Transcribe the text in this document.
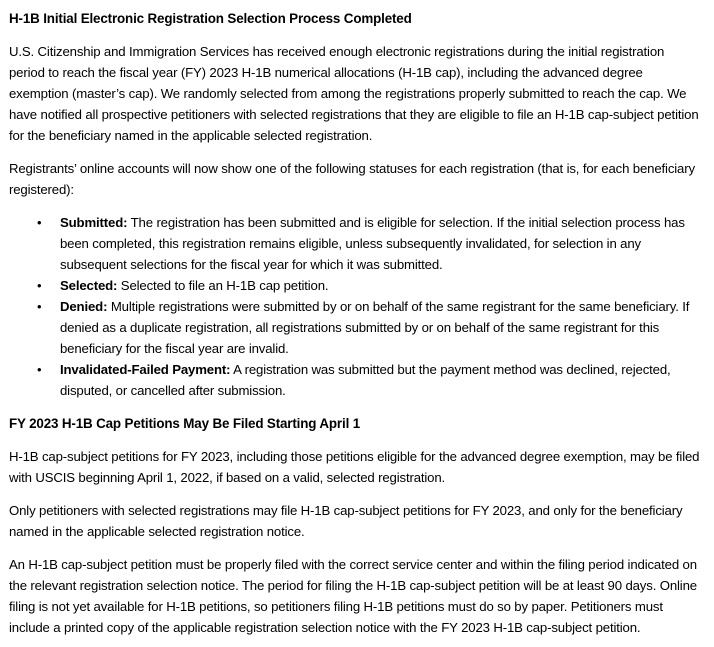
H-1B Initial Electronic Registration Selection Process Completed

U.S. Citizenship and Immigration Services has received enough electronic registrations during the initial registration period to reach the fiscal year (FY) 2023 H-1B numerical allocations (H-1B cap), including the advanced degree exemption (master’s cap). We randomly selected from among the registrations properly submitted to reach the cap. We have notified all prospective petitioners with selected registrations that they are eligible to file an H-1B cap-subject petition for the beneficiary named in the applicable selected registration.

Registrants’ online accounts will now show one of the following statuses for each registration (that is, for each beneficiary registered):

• Submitted: The registration has been submitted and is eligible for selection. If the initial selection process has been completed, this registration remains eligible, unless subsequently invalidated, for selection in any subsequent selections for the fiscal year for which it was submitted.
• Selected: Selected to file an H-1B cap petition.
• Denied: Multiple registrations were submitted by or on behalf of the same registrant for the same beneficiary. If denied as a duplicate registration, all registrations submitted by or on behalf of the same registrant for this beneficiary for the fiscal year are invalid.
• Invalidated-Failed Payment: A registration was submitted but the payment method was declined, rejected, disputed, or cancelled after submission.
FY 2023 H-1B Cap Petitions May Be Filed Starting April 1

H-1B cap-subject petitions for FY 2023, including those petitions eligible for the advanced degree exemption, may be filed with USCIS beginning April 1, 2022, if based on a valid, selected registration.

Only petitioners with selected registrations may file H-1B cap-subject petitions for FY 2023, and only for the beneficiary named in the applicable selected registration notice.

An H-1B cap-subject petition must be properly filed with the correct service center and within the filing period indicated on the relevant registration selection notice. The period for filing the H-1B cap-subject petition will be at least 90 days. Online filing is not yet available for H-1B petitions, so petitioners filing H-1B petitions must do so by paper. Petitioners must include a printed copy of the applicable registration selection notice with the FY 2023 H-1B cap-subject petition.
